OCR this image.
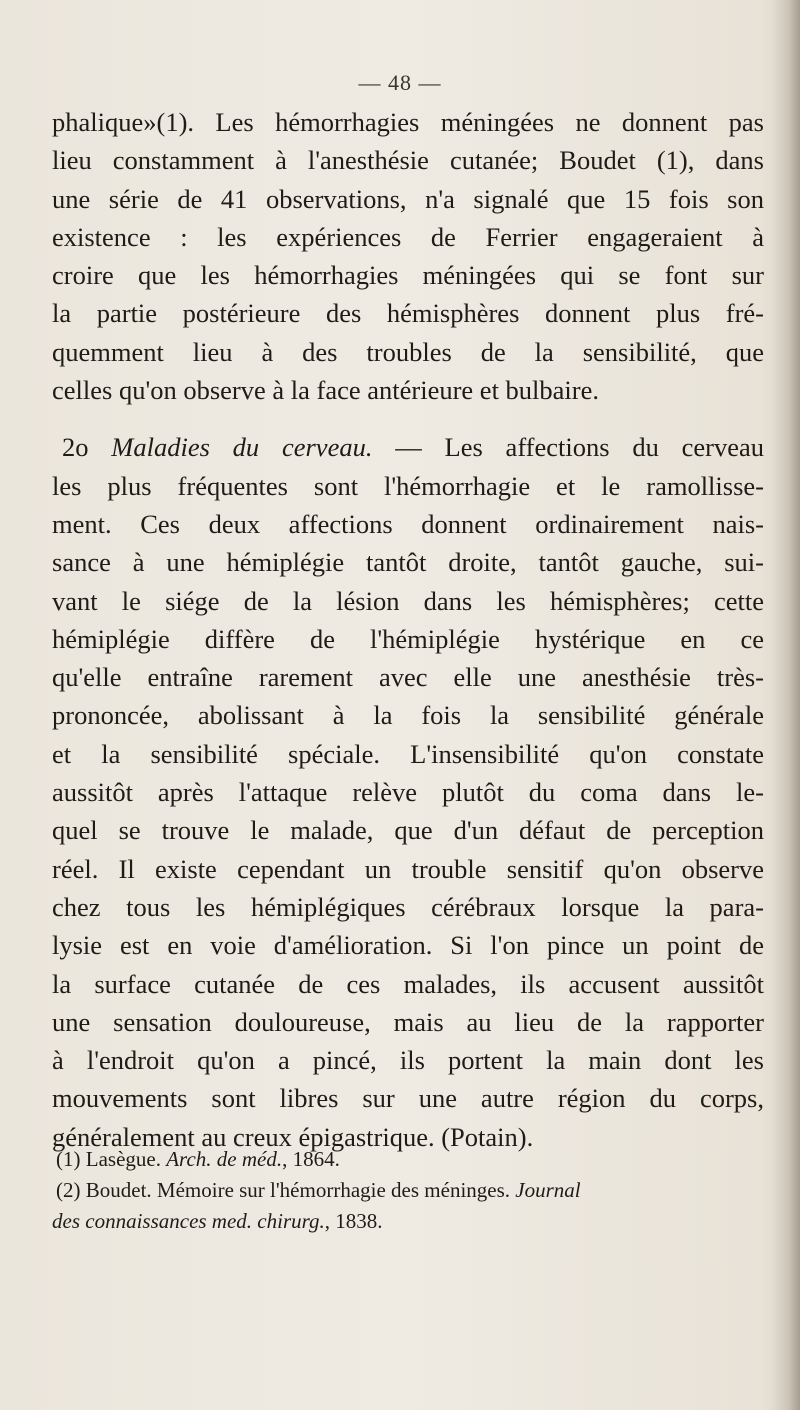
— 48 —
phalique»(1). Les hémorrhagies méningées ne donnent pas
lieu constamment à l'anesthésie cutanée; Boudet (1), dans
une série de 41 observations, n'a signalé que 15 fois son
existence : les expériences de Ferrier engageraient à
croire que les hémorrhagies méningées qui se font sur
la partie postérieure des hémisphères donnent plus fré-
quemment lieu à des troubles de la sensibilité, que
celles qu'on observe à la face antérieure et bulbaire.
2o Maladies du cerveau. — Les affections du cerveau
les plus fréquentes sont l'hémorrhagie et le ramollisse-
ment. Ces deux affections donnent ordinairement nais-
sance à une hémiplégie tantôt droite, tantôt gauche, sui-
vant le siége de la lésion dans les hémisphères; cette
hémiplégie diffère de l'hémiplégie hystérique en ce
qu'elle entraîne rarement avec elle une anesthésie très-
prononcée, abolissant à la fois la sensibilité générale
et la sensibilité spéciale. L'insensibilité qu'on constate
aussitôt après l'attaque relève plutôt du coma dans le-
quel se trouve le malade, que d'un défaut de perception
réel. Il existe cependant un trouble sensitif qu'on observe
chez tous les hémiplégiques cérébraux lorsque la para-
lysie est en voie d'amélioration. Si l'on pince un point de
la surface cutanée de ces malades, ils accusent aussitôt
une sensation douloureuse, mais au lieu de la rapporter
à l'endroit qu'on a pincé, ils portent la main dont les
mouvements sont libres sur une autre région du corps,
généralement au creux épigastrique. (Potain).
(1) Lasègue. Arch. de méd., 1864.
(2) Boudet. Mémoire sur l'hémorrhagie des méninges. Journal
des connaissances med. chirurg., 1838.
